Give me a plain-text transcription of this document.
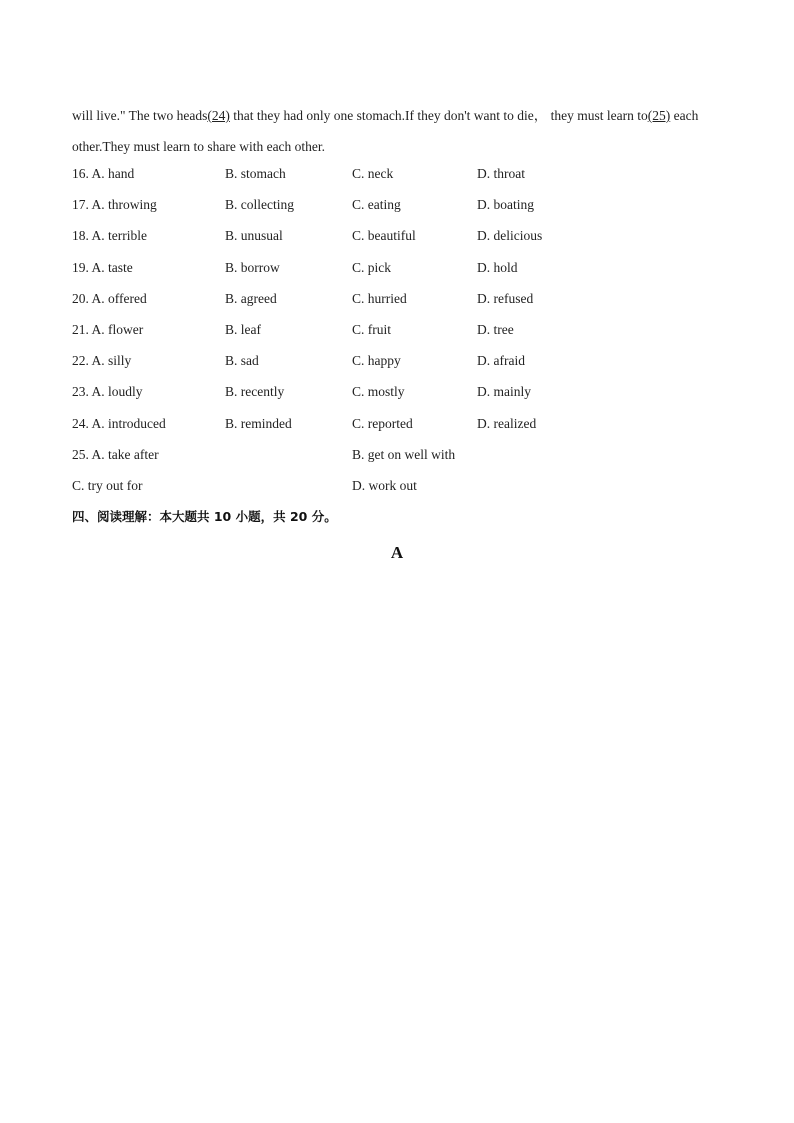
will live." The two heads(24) that they had only one stomach.If they don't want to die， they must learn to(25) each

other.They must learn to share with each other.

16. A. hand	B. stomach	C. neck	D. throat
17. A. throwing	B. collecting	C. eating	D. boating
18. A. terrible	B. unusual	C. beautiful	D. delicious
19. A. taste	B. borrow	C. pick	D. hold
20. A. offered	B. agreed	C. hurried	D. refused
21. A. flower	B. leaf	C. fruit	D. tree
22. A. silly	B. sad	C. happy	D. afraid
23. A. loudly	B. recently	C. mostly	D. mainly
24. A. introduced	B. reminded	C. reported	D. realized
25. A. take after	B. get on well with
C. try out for	D. work out
四、阅读理解：本大题共 10 小题，共 20 分。
A
